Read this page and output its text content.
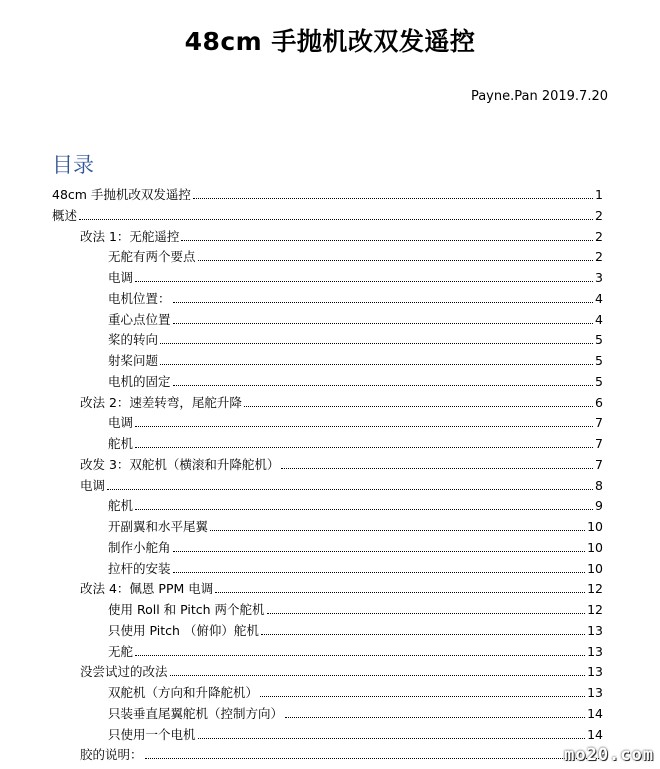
48cm 手抛机改双发遥控
Payne.Pan 2019.7.20
目录
48cm 手抛机改双发遥控	1
概述	2
改法 1：无舵遥控	2
无舵有两个要点	2
电调	3
电机位置：	4
重心点位置	4
桨的转向	5
射桨问题	5
电机的固定	5
改法 2：速差转弯，尾舵升降	6
电调	7
舵机	7
改发 3：双舵机（横滚和升降舵机）	7
电调	8
舵机	9
开副翼和水平尾翼	10
制作小舵角	10
拉杆的安装	10
改法 4：佩恩 PPM 电调	12
使用 Roll 和 Pitch 两个舵机	12
只使用 Pitch （俯仰）舵机	13
无舵	13
没尝试过的改法	13
双舵机（方向和升降舵机）	13
只装垂直尾翼舵机（控制方向）	14
只使用一个电机	14
胶的说明：	mo20.com
